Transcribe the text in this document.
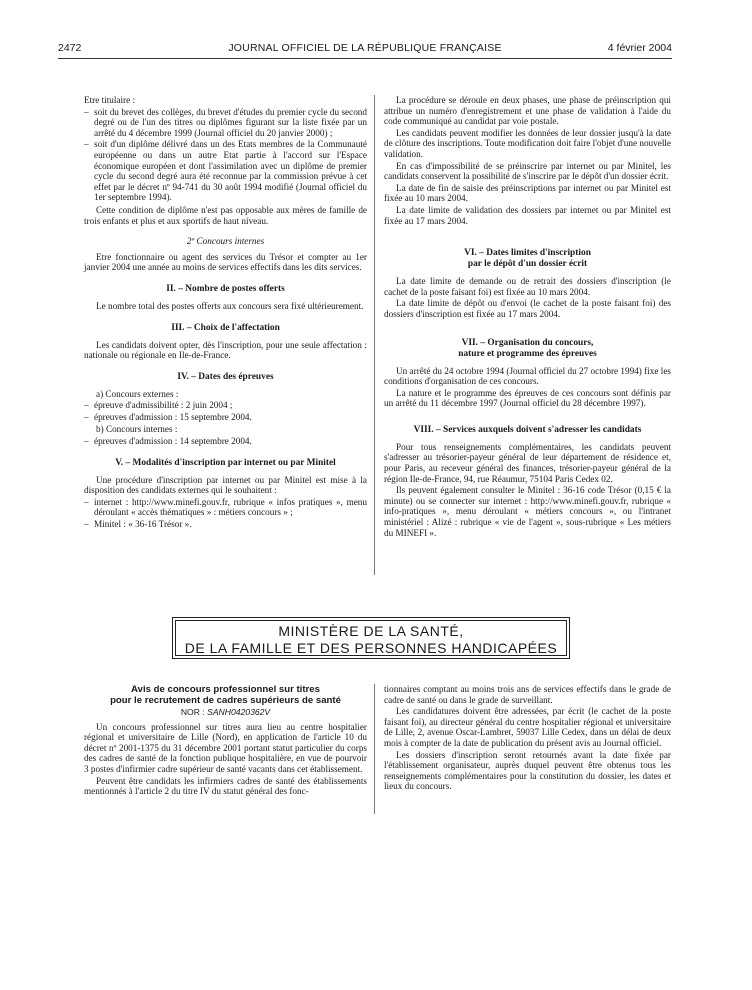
2472	JOURNAL OFFICIEL DE LA RÉPUBLIQUE FRANÇAISE	4 février 2004

Etre titulaire :

– soit du brevet des collèges, du brevet d'études du premier cycle du second degré ou de l'un des titres ou diplômes figurant sur la liste fixée par un arrêté du 4 décembre 1999 (Journal officiel du 20 janvier 2000) ;
– soit d'un diplôme délivré dans un des Etats membres de la Communauté européenne ou dans un autre Etat partie à l'accord sur l'Espace économique européen et dont l'assimilation avec un diplôme de premier cycle du second degré aura été reconnue par la commission prévue à cet effet par le décret nº 94-741 du 30 août 1994 modifié (Journal officiel du 1er septembre 1994).

Cette condition de diplôme n'est pas opposable aux mères de famille de trois enfants et plus et aux sportifs de haut niveau.

2º Concours internes

Etre fonctionnaire ou agent des services du Trésor et compter au 1er janvier 2004 une année au moins de services effectifs dans les dits services.

II. – Nombre de postes offerts

Le nombre total des postes offerts aux concours sera fixé ultérieurement.

III. – Choix de l'affectation

Les candidats doivent opter, dès l'inscription, pour une seule affectation : nationale ou régionale en Ile-de-France.

IV. – Dates des épreuves

a) Concours externes :

– épreuve d'admissibilité : 2 juin 2004 ;
– épreuves d'admission : 15 septembre 2004.

b) Concours internes :

– épreuves d'admission : 14 septembre 2004.
V. – Modalités d'inscription par internet ou par Minitel

Une procédure d'inscription par internet ou par Minitel est mise à la disposition des candidats externes qui le souhaitent :

– internet : http://www.minefi.gouv.fr, rubrique « infos pratiques », menu déroulant « accès thématiques » : métiers concours » ;
– Minitel : « 36-16 Trésor ».

La procédure se déroule en deux phases, une phase de préinscription qui attribue un numéro d'enregistrement et une phase de validation à l'aide du code communiqué au candidat par voie postale.

Les candidats peuvent modifier les données de leur dossier jusqu'à la date de clôture des inscriptions. Toute modification doit faire l'objet d'une nouvelle validation.

En cas d'impossibilité de se préinscrire par internet ou par Minitel, les candidats conservent la possibilité de s'inscrire par le dépôt d'un dossier écrit.

La date de fin de saisie des préinscriptions par internet ou par Minitel est fixée au 10 mars 2004.

La date limite de validation des dossiers par internet ou par Minitel est fixée au 17 mars 2004.

VI. – Dates limites d'inscription
par le dépôt d'un dossier écrit

La date limite de demande ou de retrait des dossiers d'inscription (le cachet de la poste faisant foi) est fixée au 10 mars 2004.

La date limite de dépôt ou d'envoi (le cachet de la poste faisant foi) des dossiers d'inscription est fixée au 17 mars 2004.

VII. – Organisation du concours,
nature et programme des épreuves

Un arrêté du 24 octobre 1994 (Journal officiel du 27 octobre 1994) fixe les conditions d'organisation de ces concours.

La nature et le programme des épreuves de ces concours sont définis par un arrêté du 11 décembre 1997 (Journal officiel du 28 décembre 1997).

VIII. – Services auxquels doivent s'adresser les candidats

Pour tous renseignements complémentaires, les candidats peuvent s'adresser au trésorier-payeur général de leur département de résidence et, pour Paris, au receveur général des finances, trésorier-payeur général de la région Ile-de-France, 94, rue Réaumur, 75104 Paris Cedex 02.

Ils peuvent également consulter le Minitel : 36-16 code Trésor (0,15 € la minute) ou se connecter sur internet : http://www.minefi.gouv.fr, rubrique « info-pratiques », menu déroulant « métiers concours », ou l'intranet ministériel : Alizé : rubrique « vie de l'agent », sous-rubrique « Les métiers du MINEFI ».

MINISTÈRE DE LA SANTÉ,
DE LA FAMILLE ET DES PERSONNES HANDICAPÉES
Avis de concours professionnel sur titres
pour le recrutement de cadres supérieurs de santé
NOR : SANH0420362V

Un concours professionnel sur titres aura lieu au centre hospitalier régional et universitaire de Lille (Nord), en application de l'article 10 du décret nº 2001-1375 du 31 décembre 2001 portant statut particulier du corps des cadres de santé de la fonction publique hospitalière, en vue de pourvoir 3 postes d'infirmier cadre supérieur de santé vacants dans cet établissement.

Peuvent être candidats les infirmiers cadres de santé des établissements mentionnés à l'article 2 du titre IV du statut général des fonc-

tionnaires comptant au moins trois ans de services effectifs dans le grade de cadre de santé ou dans le grade de surveillant.

Les candidatures doivent être adressées, par écrit (le cachet de la poste faisant foi), au directeur général du centre hospitalier régional et universitaire de Lille, 2, avenue Oscar-Lambret, 59037 Lille Cedex, dans un délai de deux mois à compter de la date de publication du présent avis au Journal officiel.

Les dossiers d'inscription seront retournés avant la date fixée par l'établissement organisateur, auprès duquel peuvent être obtenus tous les renseignements complémentaires pour la constitution du dossier, les dates et lieux du concours.
